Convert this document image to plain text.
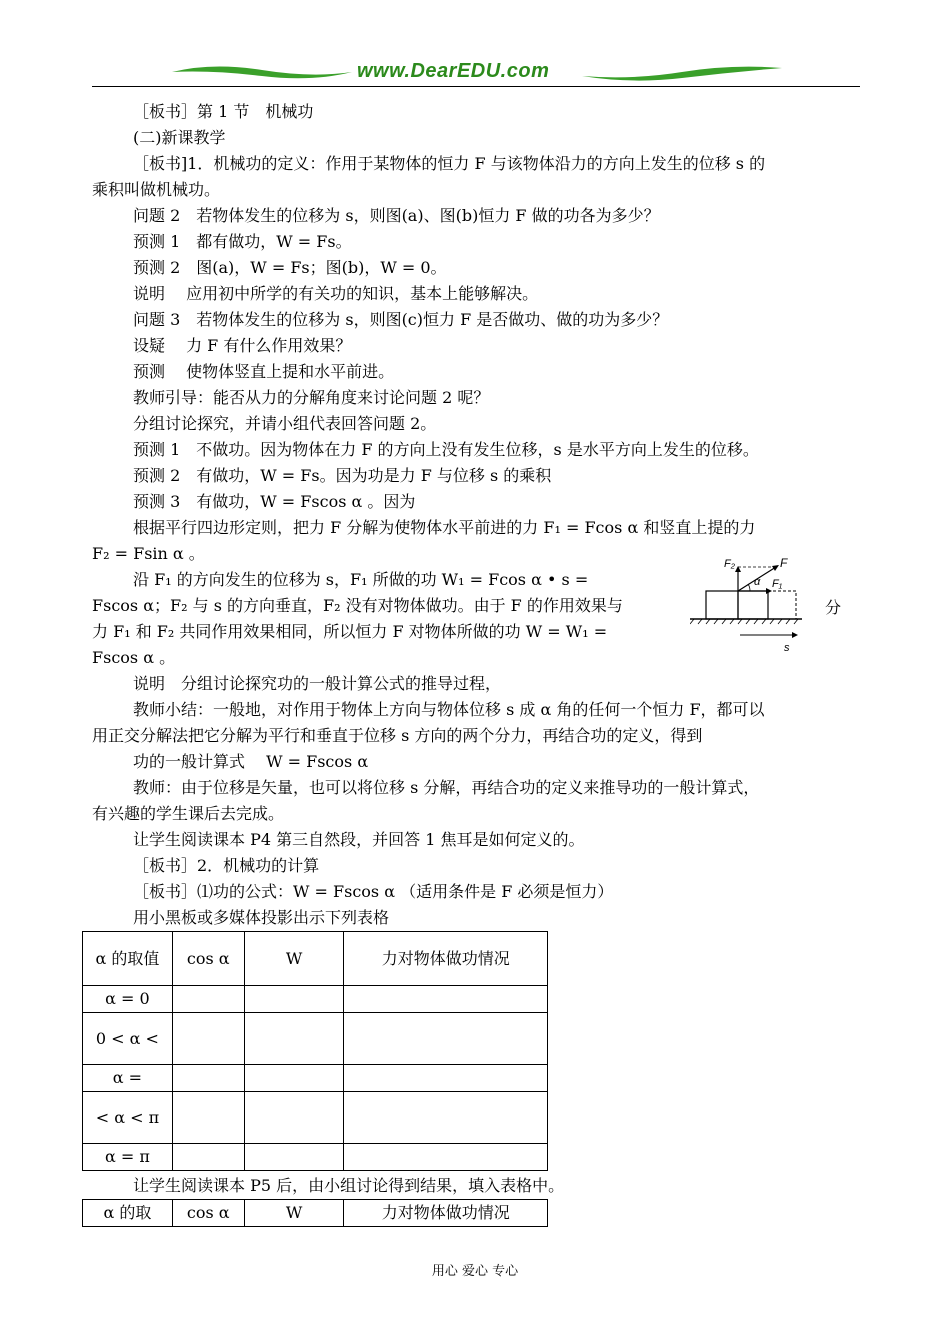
www.DearEDU.com
［板书］第 1 节　机械功
(二)新课教学
［板书]1．机械功的定义：作用于某物体的恒力 F 与该物体沿力的方向上发生的位移 s 的
乘积叫做机械功。
问题 2　若物体发生的位移为 s，则图(a)、图(b)恒力 F 做的功各为多少？
预测 1　都有做功，W = Fs。
预测 2　图(a)，W = Fs；图(b)，W = 0。
说明　 应用初中所学的有关功的知识，基本上能够解决。
问题 3　若物体发生的位移为 s，则图(c)恒力 F 是否做功、做的功为多少？
设疑　 力 F 有什么作用效果？
预测　 使物体竖直上提和水平前进。
教师引导：能否从力的分解角度来讨论问题 2 呢？
分组讨论探究，并请小组代表回答问题 2。
预测 1　不做功。因为物体在力 F 的方向上没有发生位移，s 是水平方向上发生的位移。
预测 2　有做功，W = Fs。因为功是力 F 与位移 s 的乘积
预测 3　有做功，W = Fscos α 。因为
根据平行四边形定则，把力 F 分解为使物体水平前进的力 F₁ = Fcos α 和竖直上提的力
F₂ = Fsin α 。
沿 F₁ 的方向发生的位移为 s，F₁ 所做的功 W₁ = Fcos α • s =
Fscos α；F₂ 与 s 的方向垂直，F₂ 没有对物体做功。由于 F 的作用效果与	分
力 F₁ 和 F₂ 共同作用效果相同，所以恒力 F 对物体所做的功 W = W₁ =
Fscos α 。
说明　分组讨论探究功的一般计算公式的推导过程，
教师小结：一般地，对作用于物体上方向与物体位移 s 成 α 角的任何一个恒力 F，都可以
用正交分解法把它分解为平行和垂直于位移 s 方向的两个分力，再结合功的定义，得到
功的一般计算式　 W = Fscos α
教师：由于位移是矢量，也可以将位移 s 分解，再结合功的定义来推导功的一般计算式，
有兴趣的学生课后去完成。
让学生阅读课本 P4 第三自然段，并回答 1 焦耳是如何定义的。
［板书］2．机械功的计算
［板书］⑴功的公式：W = Fscos α （适用条件是 F 必须是恒力）
用小黑板或多媒体投影出示下列表格
F₂	F
α F₁
s
α 的取值	cos α	W	力对物体做功情况
α = 0			
0 < α <			
α =			
< α < π			
α = π			
让学生阅读课本 P5 后，由小组讨论得到结果，填入表格中。
α 的取	cos α	W	力对物体做功情况
用心 爱心 专心
